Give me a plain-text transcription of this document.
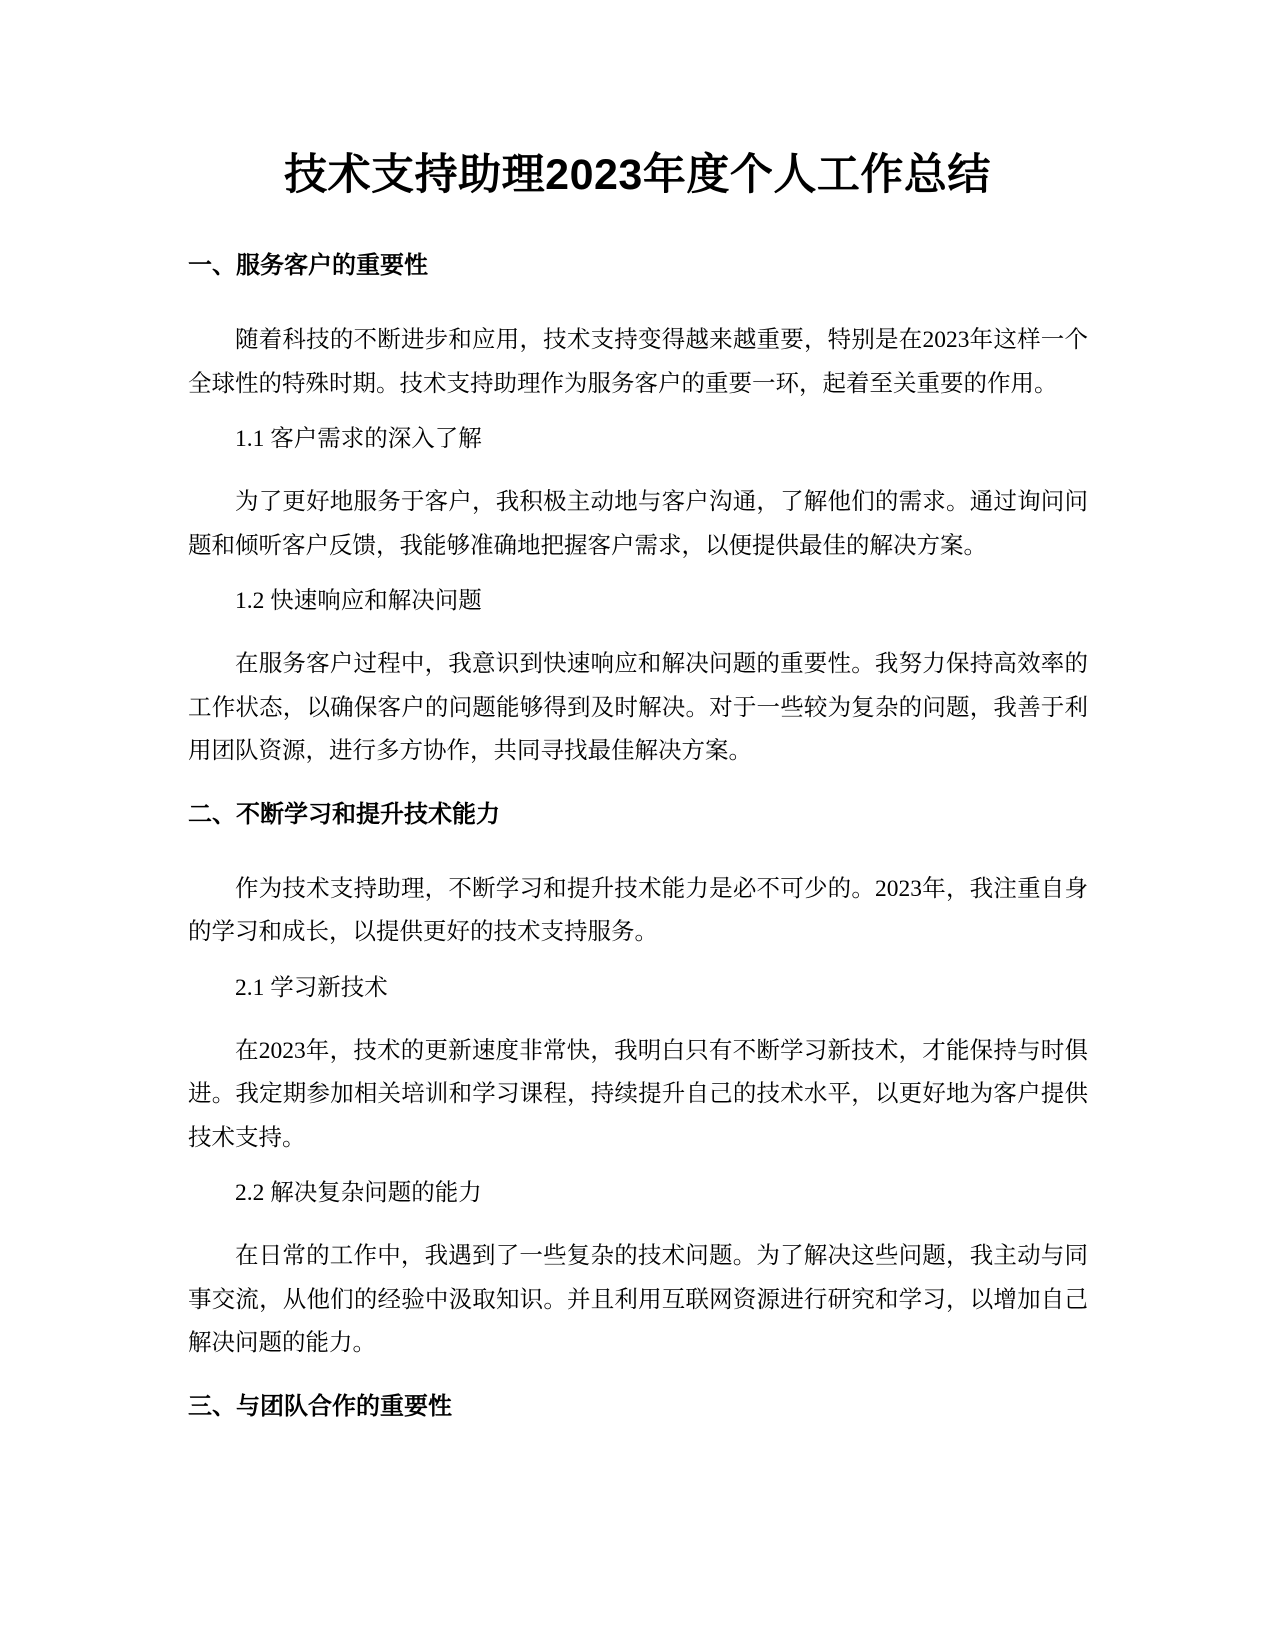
技术支持助理2023年度个人工作总结
一、服务客户的重要性

随着科技的不断进步和应用，技术支持变得越来越重要，特别是在2023年这样一个全球性的特殊时期。技术支持助理作为服务客户的重要一环，起着至关重要的作用。

1.1 客户需求的深入了解

为了更好地服务于客户，我积极主动地与客户沟通，了解他们的需求。通过询问问题和倾听客户反馈，我能够准确地把握客户需求，以便提供最佳的解决方案。

1.2 快速响应和解决问题

在服务客户过程中，我意识到快速响应和解决问题的重要性。我努力保持高效率的工作状态，以确保客户的问题能够得到及时解决。对于一些较为复杂的问题，我善于利用团队资源，进行多方协作，共同寻找最佳解决方案。

二、不断学习和提升技术能力

作为技术支持助理，不断学习和提升技术能力是必不可少的。2023年，我注重自身的学习和成长，以提供更好的技术支持服务。

2.1 学习新技术

在2023年，技术的更新速度非常快，我明白只有不断学习新技术，才能保持与时俱进。我定期参加相关培训和学习课程，持续提升自己的技术水平，以更好地为客户提供技术支持。

2.2 解决复杂问题的能力

在日常的工作中，我遇到了一些复杂的技术问题。为了解决这些问题，我主动与同事交流，从他们的经验中汲取知识。并且利用互联网资源进行研究和学习，以增加自己解决问题的能力。

三、与团队合作的重要性
